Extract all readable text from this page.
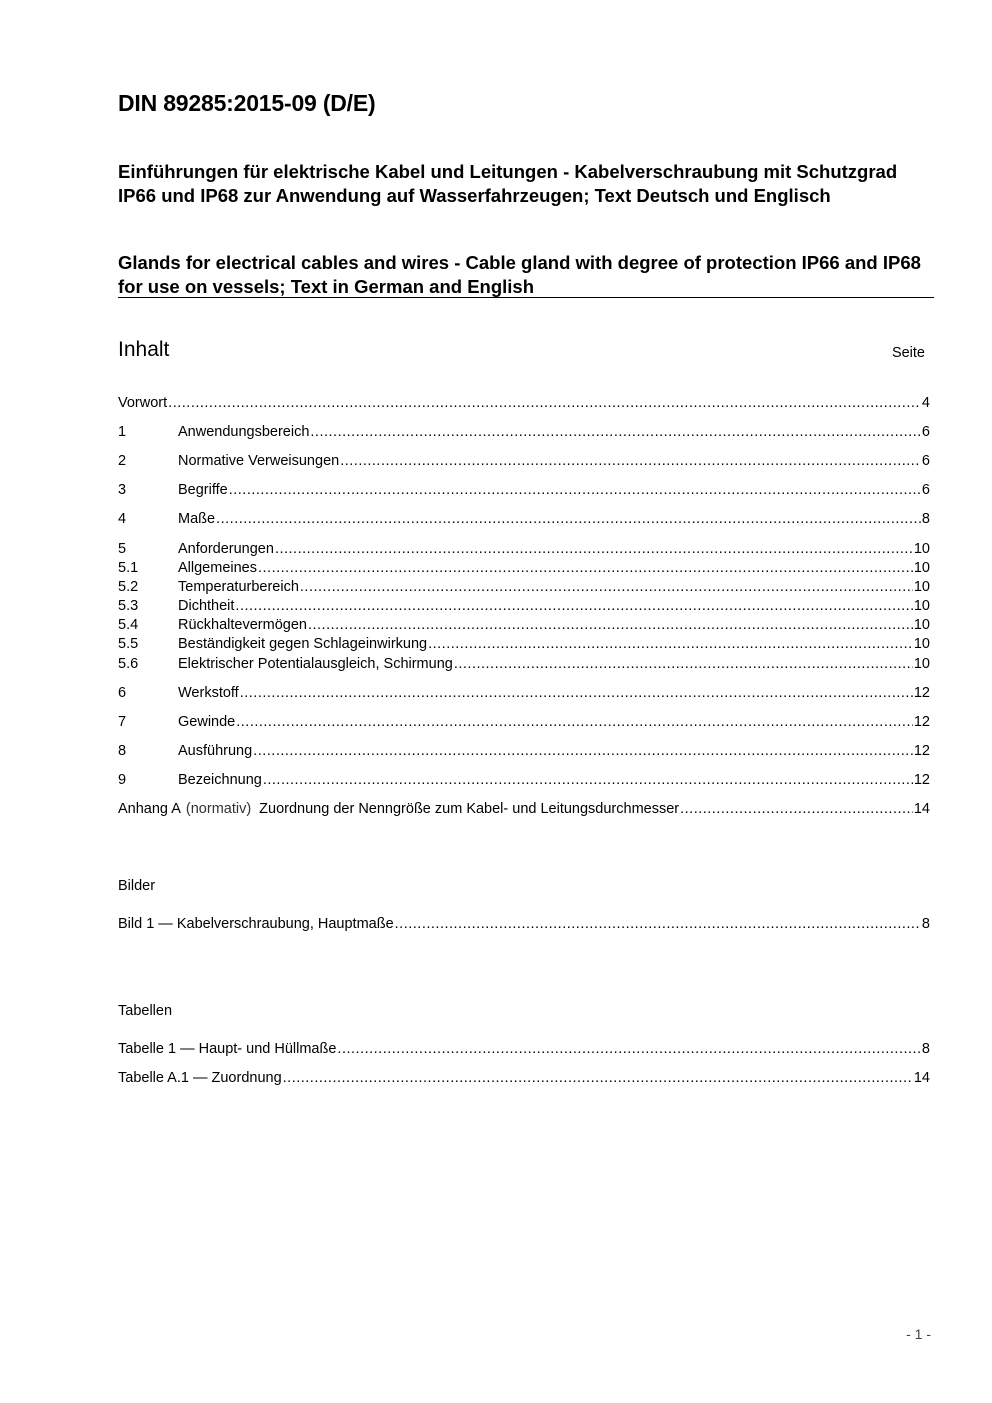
DIN 89285:2015-09 (D/E)
Einführungen für elektrische Kabel und Leitungen - Kabelverschraubung mit Schutzgrad IP66 und IP68 zur Anwendung auf Wasserfahrzeugen; Text Deutsch und Englisch
Glands for electrical cables and wires - Cable gland with degree of protection IP66 and IP68 for use on vessels; Text in German and English
Inhalt	Seite
Vorwort .....	4
1	Anwendungsbereich .....	6
2	Normative Verweisungen .....	6
3	Begriffe .....	6
4	Maße .....	8
5	Anforderungen .....	10
5.1	Allgemeines .....	10
5.2	Temperaturbereich .....	10
5.3	Dichtheit .....	10
5.4	Rückhaltevermögen .....	10
5.5	Beständigkeit gegen Schlageinwirkung .....	10
5.6	Elektrischer Potentialausgleich, Schirmung .....	10
6	Werkstoff .....	12
7	Gewinde .....	12
8	Ausführung .....	12
9	Bezeichnung .....	12
Anhang A (normativ) Zuordnung der Nenngröße zum Kabel- und Leitungsdurchmesser .....	14
Bilder
Bild 1 — Kabelverschraubung, Hauptmaße .....	8
Tabellen
Tabelle 1 — Haupt- und Hüllmaße .....	8
Tabelle A.1 — Zuordnung .....	14
- 1 -
